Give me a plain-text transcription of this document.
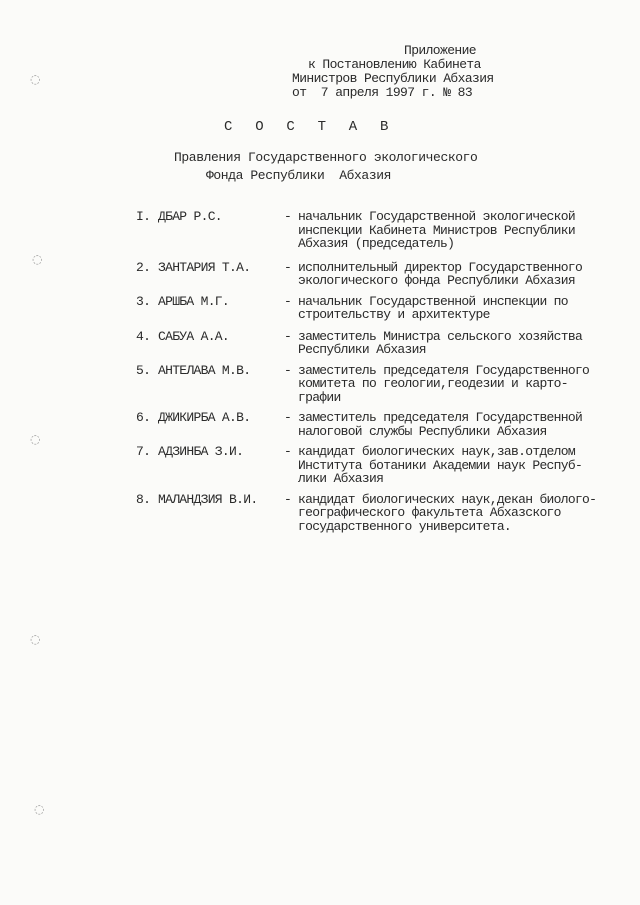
Приложение
к Постановлению Кабинета
Министров Республики Абхазия
от  7 апреля 1997 г. № 83
С О С Т А В
Правления Государственного экологического
Фонда Республики  Абхазия
I. ДБАР Р.С.	- начальник Государственной экологической
инспекции Кабинета Министров Республики
Абхазия (председатель)
2. ЗАНТАРИЯ Т.А.	- исполнительный директор Государственного
экологического фонда Республики Абхазия
3. АРШБА М.Г.	- начальник Государственной инспекции по
строительству и архитектуре
4. САБУА А.А.	- заместитель Министра сельского хозяйства
Республики Абхазия
5. АНТЕЛАВА М.В.	- заместитель председателя Государственного
комитета по геологии,геодезии и карто-
графии
6. ДЖИКИРБА А.В.	- заместитель председателя Государственной
налоговой службы Республики Абхазия
7. АДЗИНБА З.И.	- кандидат биологических наук,зав.отделом
Института ботаники Академии наук Респуб-
лики Абхазия
8. МАЛАНДЗИЯ В.И.	- кандидат биологических наук,декан биолого-
географического факультета Абхазского
государственного университета.
◌
◌
◌
◌
◌
